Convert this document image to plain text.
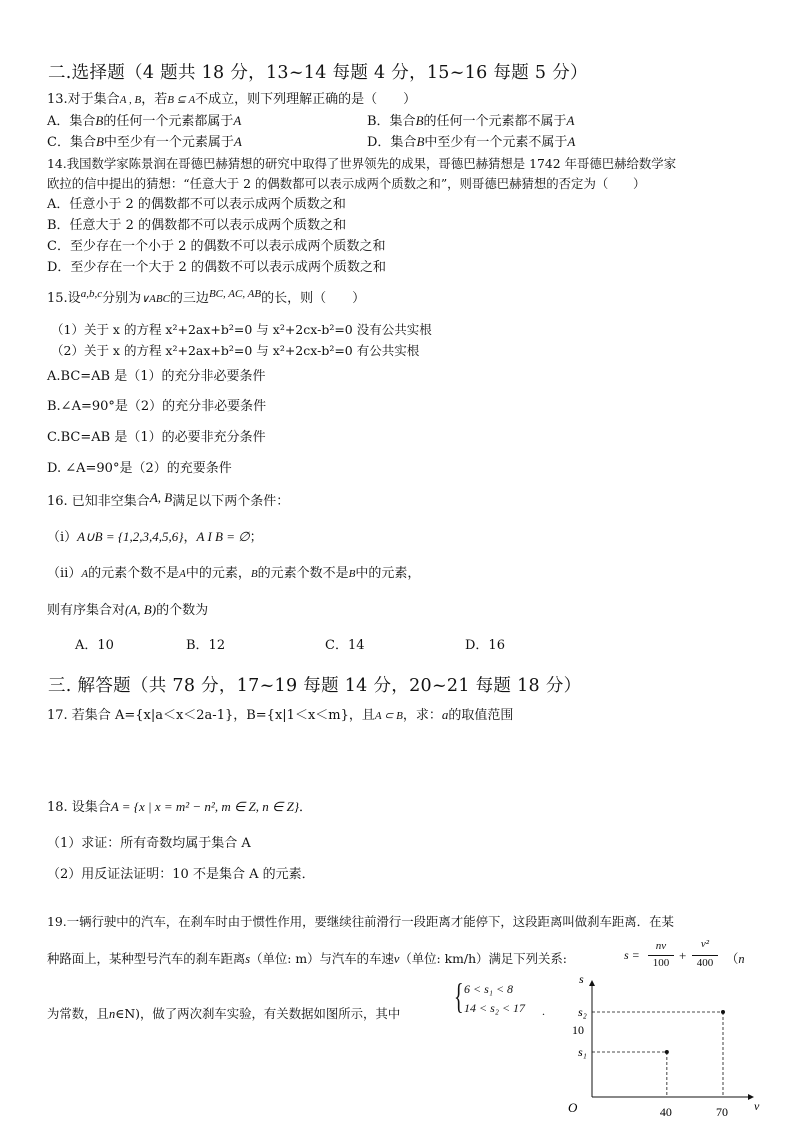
二.选择题（4 题共 18 分，13~14 每题 4 分，15~16 每题 5 分）
13.对于集合A , B，若B ⊆ A不成立，则下列理解正确的是（　　）
A．集合B的任何一个元素都属于A	B．集合B的任何一个元素都不属于A
C．集合B中至少有一个元素属于A	D．集合B中至少有一个元素不属于A
14.我国数学家陈景润在哥德巴赫猜想的研究中取得了世界领先的成果，哥德巴赫猜想是 1742 年哥德巴赫给数学家
欧拉的信中提出的猜想：“任意大于 2 的偶数都可以表示成两个质数之和”，则哥德巴赫猜想的否定为（　　）
A．任意小于 2 的偶数都不可以表示成两个质数之和
B．任意大于 2 的偶数都不可以表示成两个质数之和
C．至少存在一个小于 2 的偶数不可以表示成两个质数之和
D．至少存在一个大于 2 的偶数不可以表示成两个质数之和
15.设$^{a,b,c}$分别为∨ABC的三边$^{BC, AC, AB}$的长，则（　　）
（1）关于 x 的方程 x²+2ax+b²=0 与 x²+2cx-b²=0 没有公共实根
（2）关于 x 的方程 x²+2ax+b²=0 与 x²+2cx-b²=0 有公共实根
A.BC=AB 是（1）的充分非必要条件
B.∠A=90°是（2）的充分非必要条件
C.BC=AB 是（1）的必要非充分条件
D. ∠A=90°是（2）的充要条件
16. 已知非空集合A, B满足以下两个条件：
（ⅰ）A∪B = {1,2,3,4,5,6}，A I B = ∅；
（ⅱ）A的元素个数不是A中的元素，B的元素个数不是B中的元素，
则有序集合对(A, B)的个数为
A．10	B．12	C．14	D．16
三. 解答题（共 78 分，17~19 每题 14 分，20~21 每题 18 分）
17. 若集合 A={x|a＜x＜2a-1}，B={x|1＜x＜m}，且A ⊂ B，求：a的取值范围
18. 设集合A = {x | x = m² − n², m ∈ Z, n ∈ Z}．
（1）求证：所有奇数均属于集合 A
（2）用反证法证明：10 不是集合 A 的元素．
19.一辆行驶中的汽车，在刹车时由于惯性作用，要继续往前滑行一段距离才能停下，这段距离叫做刹车距离．在某
种路面上，某种型号汽车的刹车距离s（单位: m）与汽车的车速v（单位: km/h）满足下列关系:	s =
nv
100 +
v²
400	（n
为常数，且n∈N)，做了两次刹车实验，有关数据如图所示，其中 { 6 < s₁ < 8
14 < s₂ < 17 .
s
v
O
s₁
10
s₂
40	70
